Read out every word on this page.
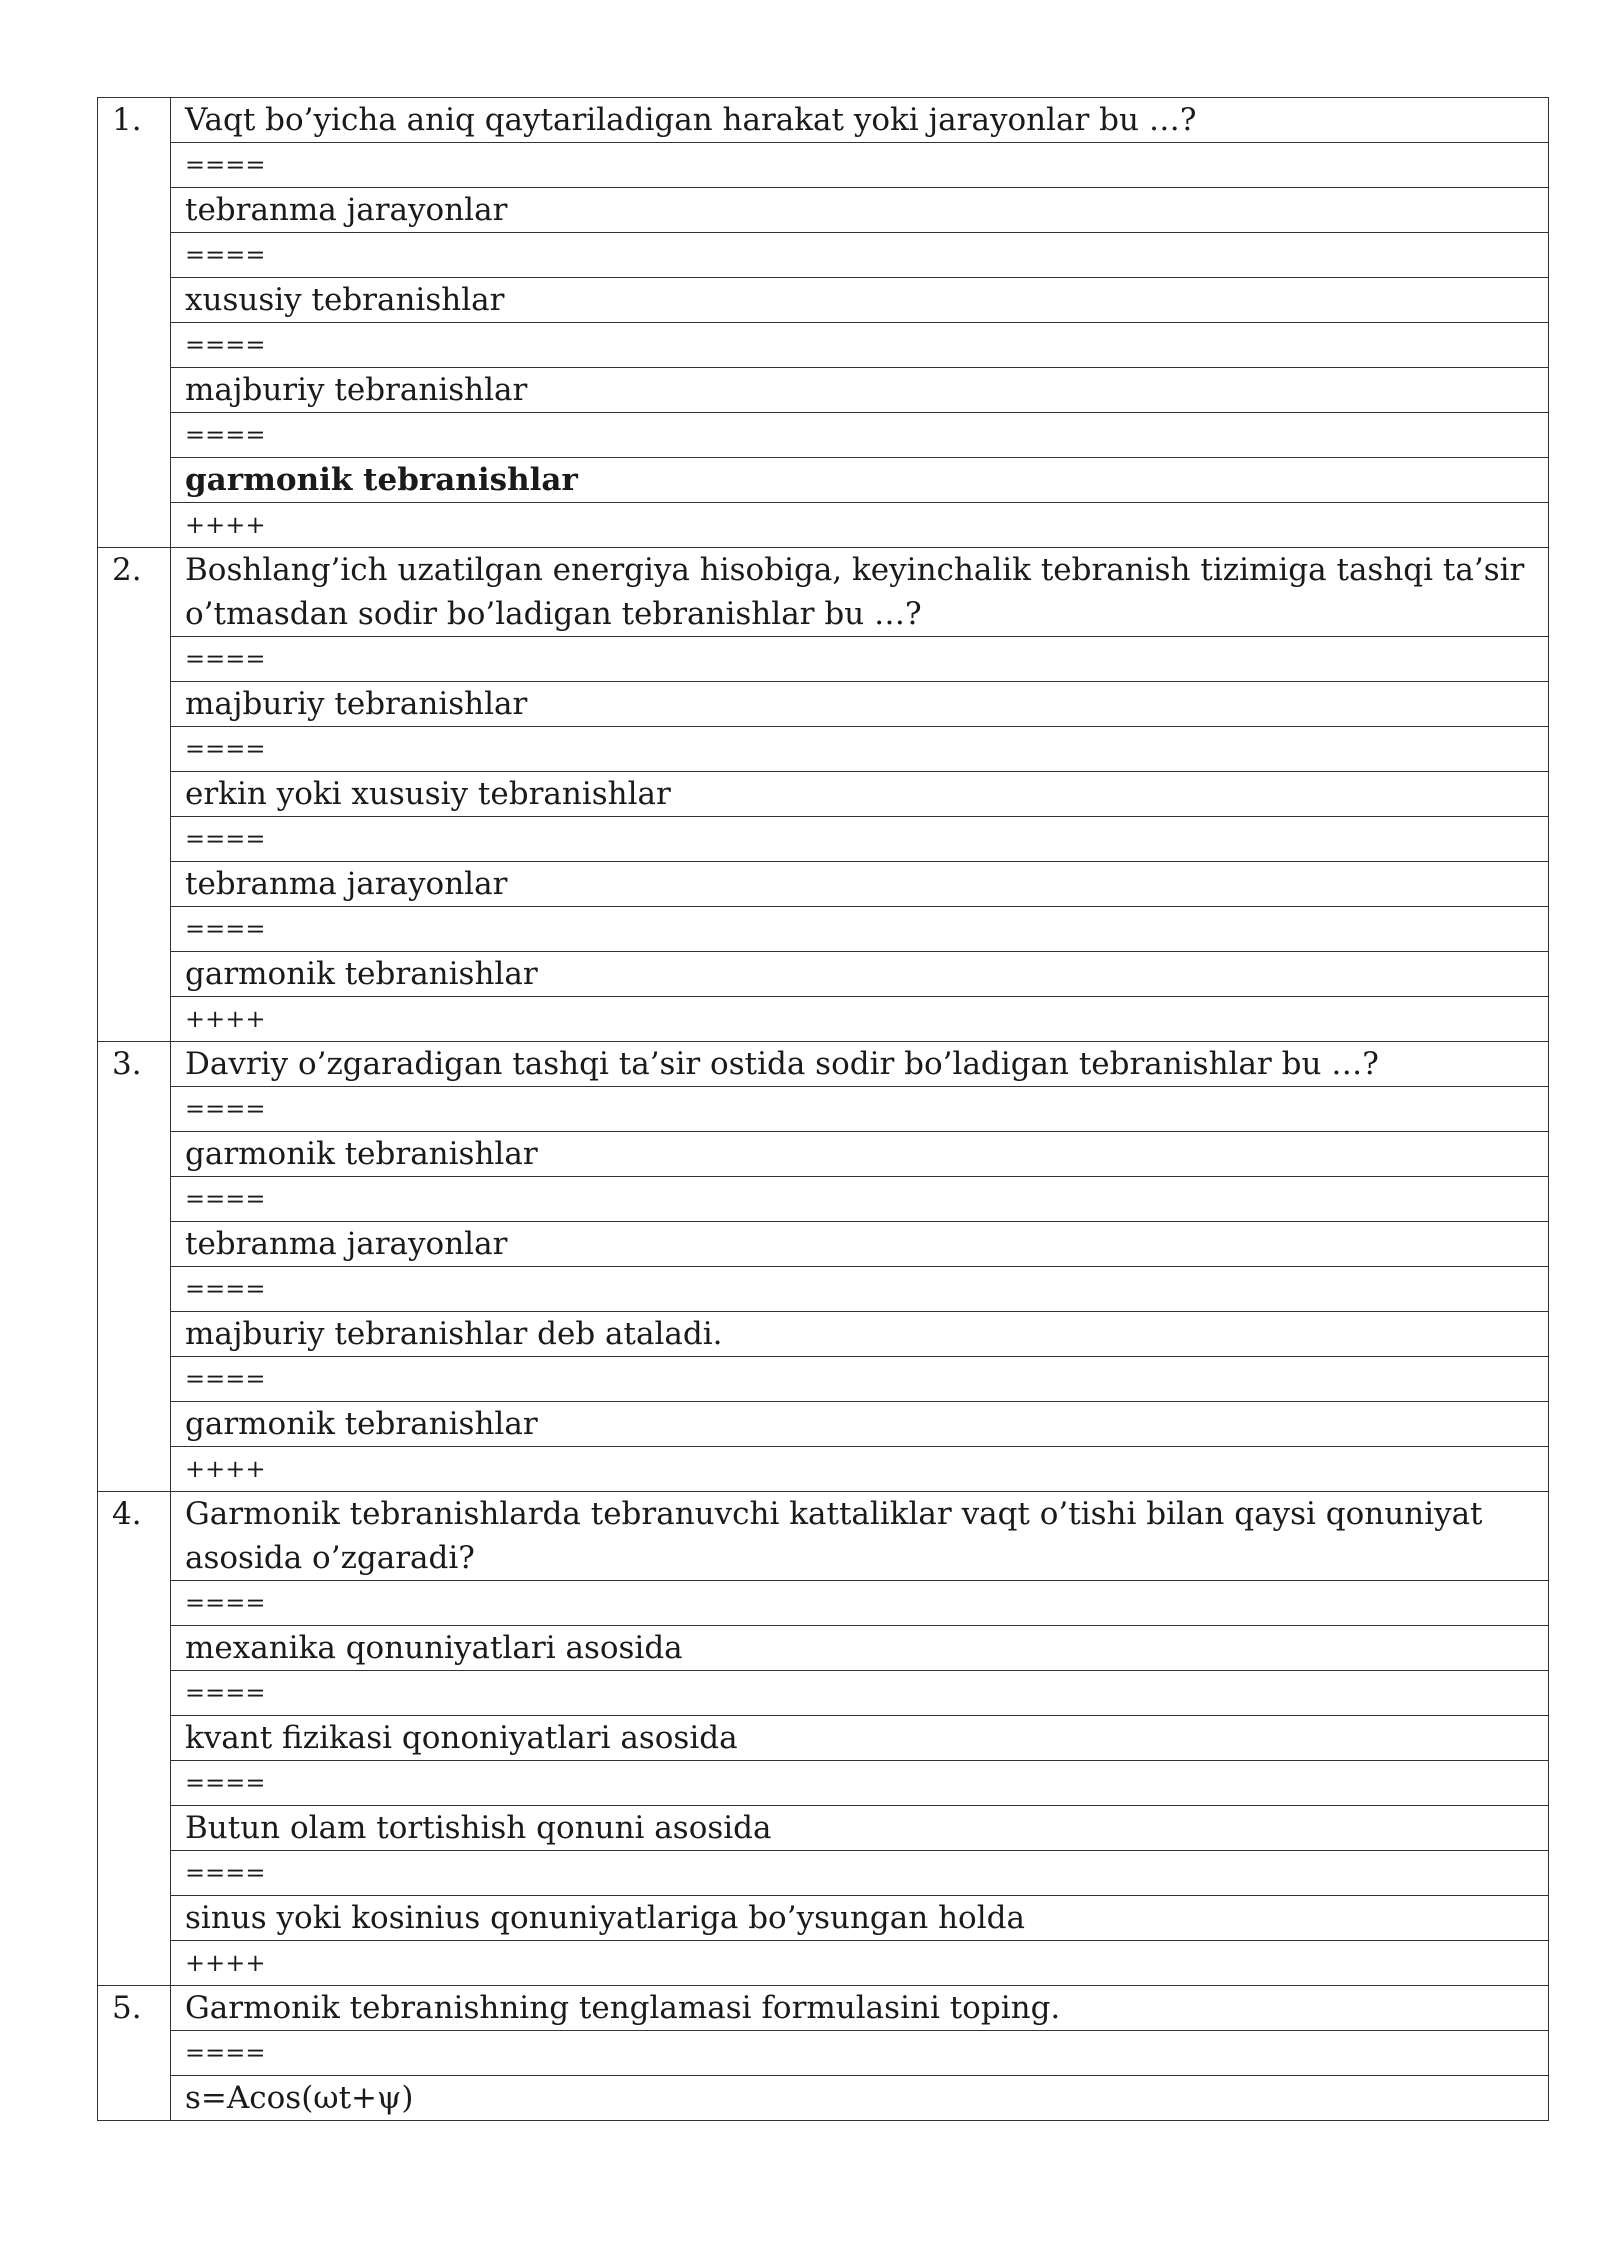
1.	Vaqt bo’yicha aniq qaytariladigan harakat yoki jarayonlar bu …?
	====
	tebranma jarayonlar
	====
	xususiy tebranishlar
	====
	majburiy tebranishlar
	====
	garmonik tebranishlar
	++++
2.	Boshlang’ich uzatilgan energiya hisobiga, keyinchalik tebranish tizimiga tashqi ta’sir o’tmasdan sodir bo’ladigan tebranishlar bu …?
	====
	majburiy tebranishlar
	====
	erkin yoki xususiy tebranishlar
	====
	tebranma jarayonlar
	====
	garmonik tebranishlar
	++++
3.	Davriy o’zgaradigan tashqi ta’sir ostida sodir bo’ladigan tebranishlar bu …?
	====
	garmonik tebranishlar
	====
	tebranma jarayonlar
	====
	majburiy tebranishlar deb ataladi.
	====
	garmonik tebranishlar
	++++
4.	Garmonik tebranishlarda tebranuvchi kattaliklar vaqt o’tishi bilan qaysi qonuniyat asosida o’zgaradi?
	====
	mexanika qonuniyatlari asosida
	====
	kvant fizikasi qononiyatlari asosida
	====
	Butun olam tortishish qonuni asosida
	====
	sinus yoki kosinius qonuniyatlariga bo’ysungan holda
	++++
5.	Garmonik tebranishning tenglamasi formulasini toping.
	====
	s=Acos(ωt+ψ)
